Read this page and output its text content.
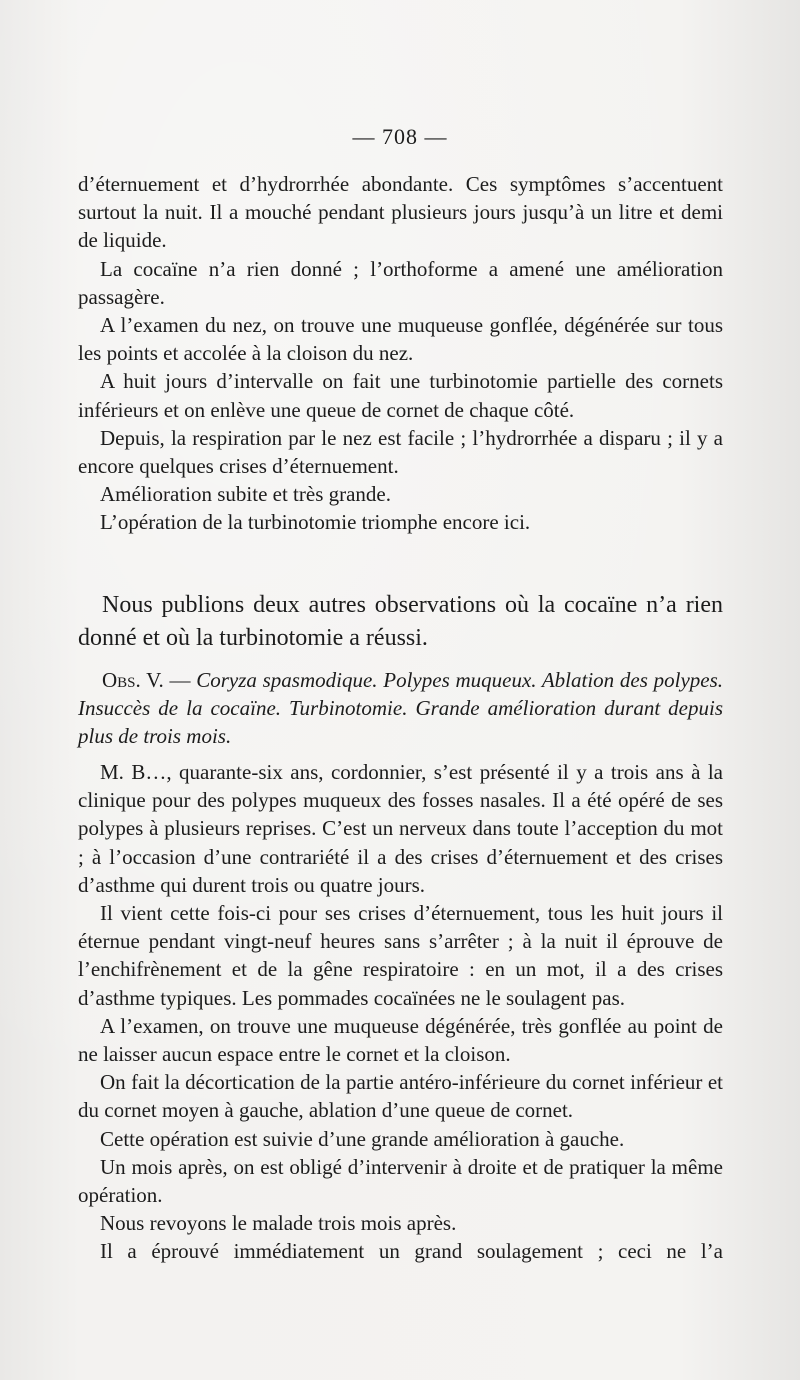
— 708 —

d’éternuement et d’hydrorrhée abondante. Ces symptômes s’accentuent surtout la nuit. Il a mouché pendant plusieurs jours jusqu’à un litre et demi de liquide.

La cocaïne n’a rien donné ; l’orthoforme a amené une amélioration passagère.

A l’examen du nez, on trouve une muqueuse gonflée, dégénérée sur tous les points et accolée à la cloison du nez.

A huit jours d’intervalle on fait une turbinotomie partielle des cornets inférieurs et on enlève une queue de cornet de chaque côté.

Depuis, la respiration par le nez est facile ; l’hydrorrhée a disparu ; il y a encore quelques crises d’éternuement.

Amélioration subite et très grande.

L’opération de la turbinotomie triomphe encore ici.

Nous publions deux autres observations où la cocaïne n’a rien donné et où la turbinotomie a réussi.

Obs. V. — Coryza spasmodique. Polypes muqueux. Ablation des polypes. Insuccès de la cocaïne. Turbinotomie. Grande amélioration durant depuis plus de trois mois.

M. B…, quarante-six ans, cordonnier, s’est présenté il y a trois ans à la clinique pour des polypes muqueux des fosses nasales. Il a été opéré de ses polypes à plusieurs reprises. C’est un nerveux dans toute l’acception du mot ; à l’occasion d’une contrariété il a des crises d’éternuement et des crises d’asthme qui durent trois ou quatre jours.

Il vient cette fois-ci pour ses crises d’éternuement, tous les huit jours il éternue pendant vingt-neuf heures sans s’arrêter ; à la nuit il éprouve de l’enchifrènement et de la gêne respiratoire : en un mot, il a des crises d’asthme typiques. Les pommades cocaïnées ne le soulagent pas.

A l’examen, on trouve une muqueuse dégénérée, très gonflée au point de ne laisser aucun espace entre le cornet et la cloison.

On fait la décortication de la partie antéro-inférieure du cornet inférieur et du cornet moyen à gauche, ablation d’une queue de cornet.

Cette opération est suivie d’une grande amélioration à gauche.

Un mois après, on est obligé d’intervenir à droite et de pratiquer la même opération.

Nous revoyons le malade trois mois après.

Il a éprouvé immédiatement un grand soulagement ; ceci ne l’a
